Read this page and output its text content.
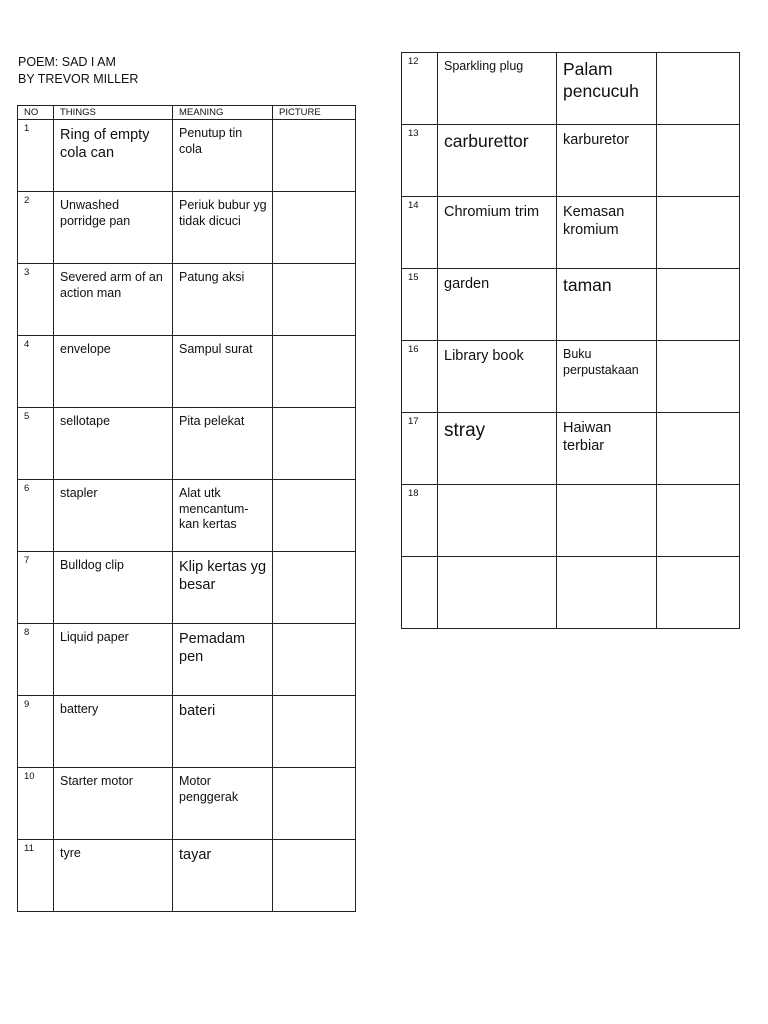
POEM: SAD I AM
BY TREVOR MILLER
NO	THINGS	MEANING	PICTURE
1	Ring of empty cola can	Penutup tin cola	
2	Unwashed porridge pan	Periuk bubur yg tidak dicuci	
3	Severed arm of an action man	Patung aksi	
4	envelope	Sampul surat	
5	sellotape	Pita pelekat	
6	stapler	Alat utk mencantum-kan kertas	
7	Bulldog clip	Klip kertas yg besar	
8	Liquid paper	Pemadam pen	
9	battery	bateri	
10	Starter motor	Motor penggerak	
11	tyre	tayar	
12	Sparkling plug	Palam pencucuh	
13	carburettor	karburetor	
14	Chromium trim	Kemasan kromium	
15	garden	taman	
16	Library book	Buku perpustakaan	
17	stray	Haiwan terbiar	
18			
